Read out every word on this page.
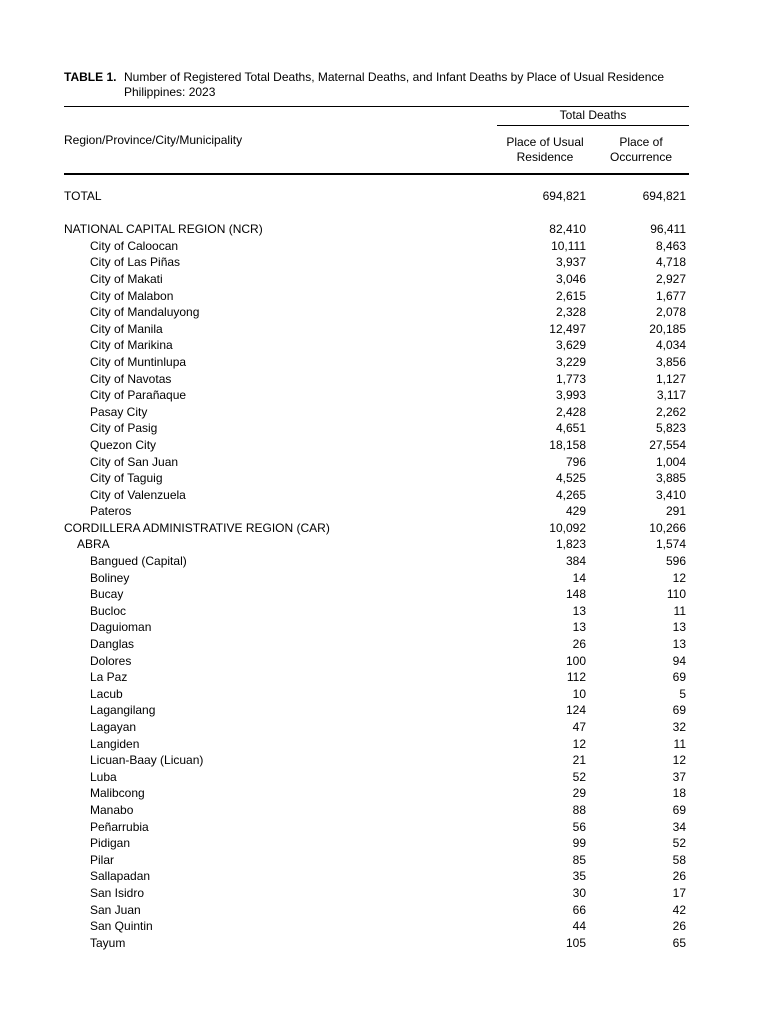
TABLE 1. Number of Registered Total Deaths, Maternal Deaths, and Infant Deaths by Place of Usual Residence
Philippines: 2023
Total Deaths
Region/Province/City/Municipality	Place of Usual
Residence
Place of
Occurrence
TOTAL	694,821	694,821
NATIONAL CAPITAL REGION (NCR)	82,410	96,411
City of Caloocan	10,111	8,463
City of Las Piñas	3,937	4,718
City of Makati	3,046	2,927
City of Malabon	2,615	1,677
City of Mandaluyong	2,328	2,078
City of Manila	12,497	20,185
City of Marikina	3,629	4,034
City of Muntinlupa	3,229	3,856
City of Navotas	1,773	1,127
City of Parañaque	3,993	3,117
Pasay City	2,428	2,262
City of Pasig	4,651	5,823
Quezon City	18,158	27,554
City of San Juan	796	1,004
City of Taguig	4,525	3,885
City of Valenzuela	4,265	3,410
Pateros	429	291
CORDILLERA ADMINISTRATIVE REGION (CAR)	10,092	10,266
ABRA	1,823	1,574
Bangued (Capital)	384	596
Boliney	14	12
Bucay	148	110
Bucloc	13	11
Daguioman	13	13
Danglas	26	13
Dolores	100	94
La Paz	112	69
Lacub	10	5
Lagangilang	124	69
Lagayan	47	32
Langiden	12	11
Licuan-Baay (Licuan)	21	12
Luba	52	37
Malibcong	29	18
Manabo	88	69
Peñarrubia	56	34
Pidigan	99	52
Pilar	85	58
Sallapadan	35	26
San Isidro	30	17
San Juan	66	42
San Quintin	44	26
Tayum	105	65
